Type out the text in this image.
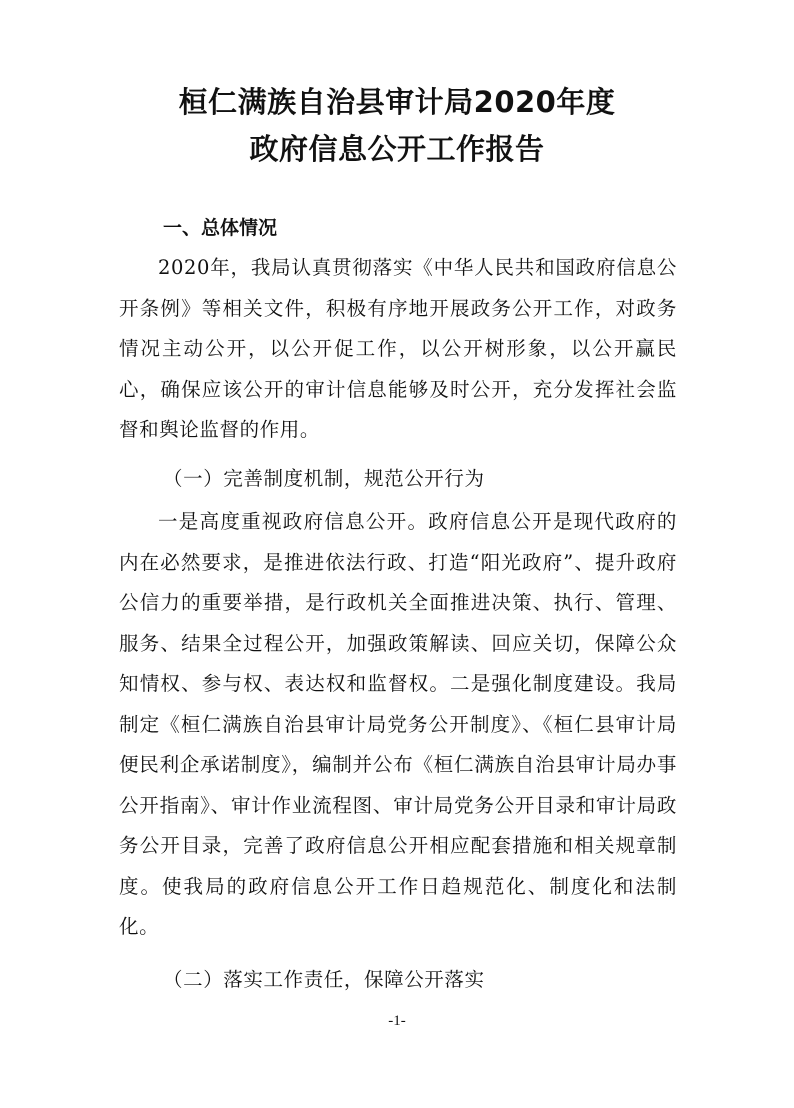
桓仁满族自治县审计局2020年度
政府信息公开工作报告
一、总体情况

2020年，我局认真贯彻落实《中华人民共和国政府信息公开条例》等相关文件，积极有序地开展政务公开工作，对政务情况主动公开，以公开促工作，以公开树形象，以公开赢民心，确保应该公开的审计信息能够及时公开，充分发挥社会监督和舆论监督的作用。

（一）完善制度机制，规范公开行为

一是高度重视政府信息公开。政府信息公开是现代政府的内在必然要求，是推进依法行政、打造“阳光政府”、提升政府公信力的重要举措，是行政机关全面推进决策、执行、管理、服务、结果全过程公开，加强政策解读、回应关切，保障公众知情权、参与权、表达权和监督权。二是强化制度建设。我局制定《桓仁满族自治县审计局党务公开制度》、《桓仁县审计局便民利企承诺制度》，编制并公布《桓仁满族自治县审计局办事公开指南》、审计作业流程图、审计局党务公开目录和审计局政务公开目录，完善了政府信息公开相应配套措施和相关规章制度。使我局的政府信息公开工作日趋规范化、制度化和法制化。

（二）落实工作责任，保障公开落实
-1-
